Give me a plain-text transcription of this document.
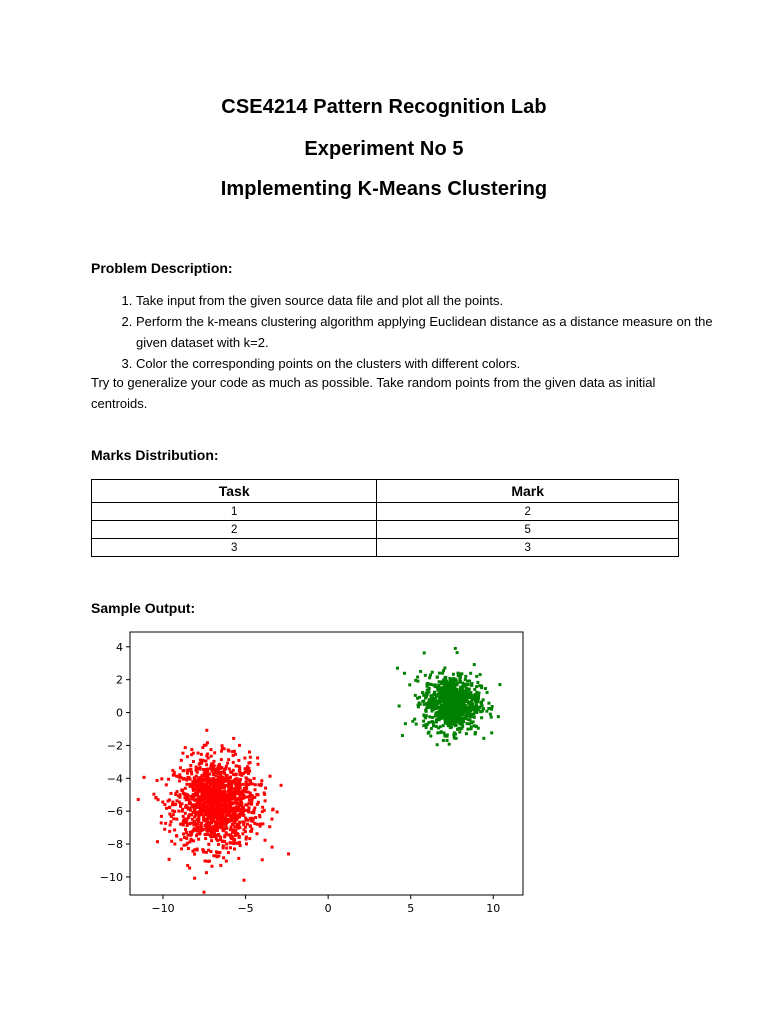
CSE4214 Pattern Recognition Lab
Experiment No 5
Implementing K-Means Clustering
Problem Description:
1. Take input from the given source data file and plot all the points.
2. Perform the k-means clustering algorithm applying Euclidean distance as a distance measure on the given dataset with k=2.
3. Color the corresponding points on the clusters with different colors.

Try to generalize your code as much as possible. Take random points from the given data as initial centroids.

Marks Distribution:
Task	Mark
1	2
2	5
3	3
Sample Output:
−10	−5	0	5	10
4
2
0
−2
−4
−6
−8
−10
